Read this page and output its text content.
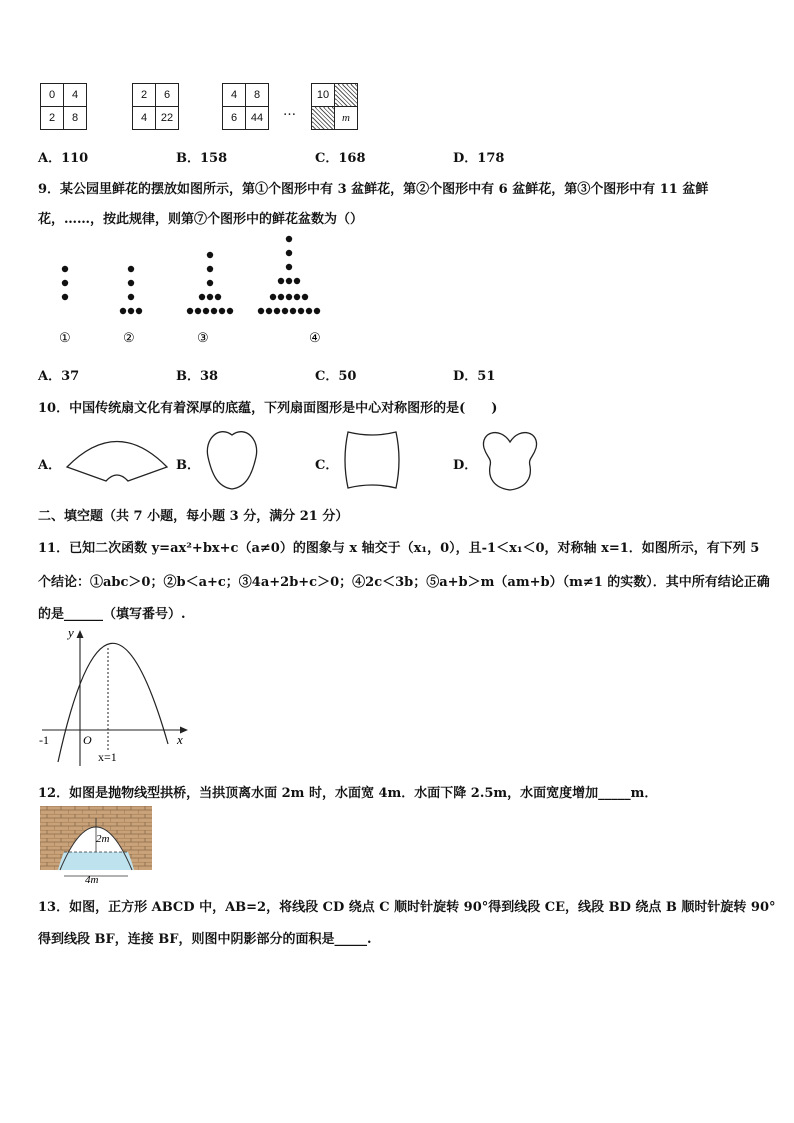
0	4
2	8
2	6
4	22
4	8
6	44 …
10	
	m
A．110	B．158	C．168	D．178
9．某公园里鲜花的摆放如图所示，第①个图形中有 3 盆鲜花，第②个图形中有 6 盆鲜花，第③个图形中有 11 盆鲜
花，……，按此规律，则第⑦个图形中的鲜花盆数为（）
①	②	③	④
A．37	B．38	C．50	D．51
10．中国传统扇文化有着深厚的底蕴，下列扇面图形是中心对称图形的是(　　)
A．	B．	C．	D．
二、填空题（共 7 小题，每小题 3 分，满分 21 分）
11．已知二次函数 y=ax²+bx+c（a≠0）的图象与 x 轴交于（x₁，0），且-1＜x₁＜0，对称轴 x=1．如图所示，有下列 5
个结论：①abc＞0；②b＜a+c；③4a+2b+c＞0；④2c＜3b；⑤a+b＞m（am+b）（m≠1 的实数）．其中所有结论正确
的是______（填写番号）.
y
x
-1	O
x=1
12．如图是抛物线型拱桥，当拱顶离水面 2m 时，水面宽 4m．水面下降 2.5m，水面宽度增加_____m．
2m
4m
13．如图，正方形 ABCD 中，AB=2，将线段 CD 绕点 C 顺时针旋转 90°得到线段 CE，线段 BD 绕点 B 顺时针旋转 90°
得到线段 BF，连接 BF，则图中阴影部分的面积是_____.
